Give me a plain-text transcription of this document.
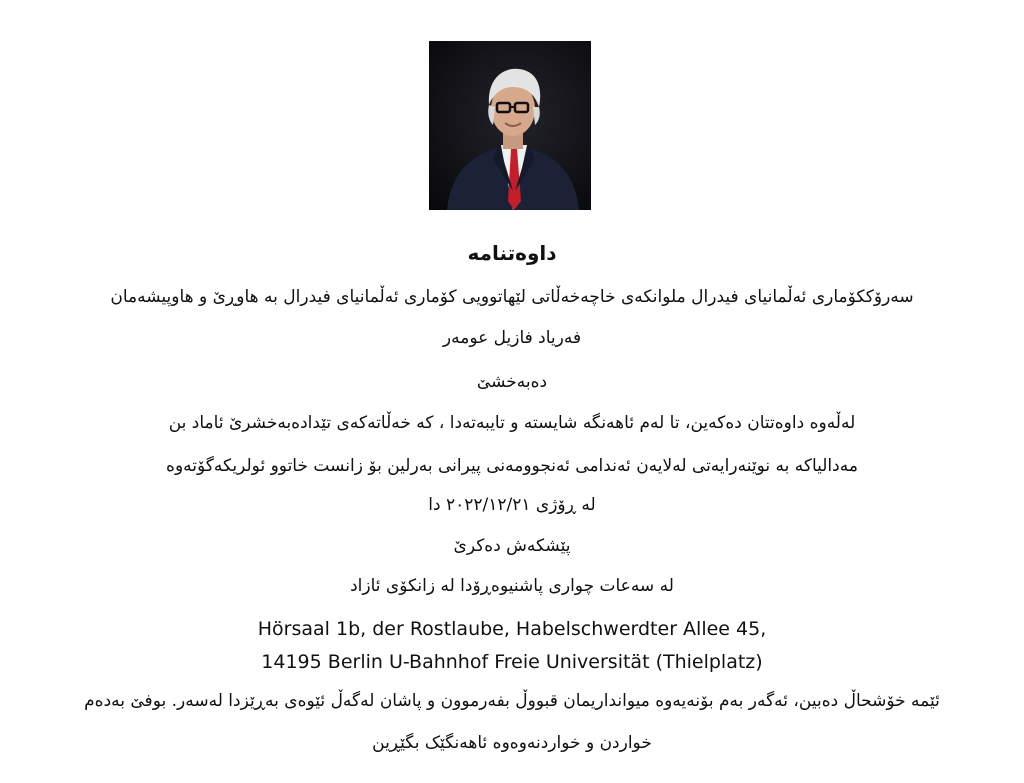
داوەتنامە
سەرۆککۆماری ئەڵمانیای فیدرال ملوانکەی خاچەخەڵاتی لێهاتوویی کۆماری ئەڵمانیای فیدرال بە هاوڕێ و هاوپیشەمان
فەریاد فازیل عومەر
دەبەخشێ
لەڵەوە داوەتتان دەکەین، تا لەم ئاهەنگە شایستە و تایبەتەدا ، کە خەڵاتەکەی تێدادەبەخشرێ ئاماد بن
مەدالیاکە بە نوێنەرایەتی لەلایەن ئەندامی ئەنجوومەنی پیرانی بەرلین بۆ زانست خاتوو ئولریکەگۆتەوە
لە ڕۆژی ٢٠٢٢/١٢/٢١ دا
پێشکەش دەکرێ
لە سەعات چواری پاشنیوەڕۆدا لە زانکۆی ئازاد
Hörsaal 1b, der Rostlaube, Habelschwerdter Allee 45,
14195 Berlin U-Bahnhof Freie Universität (Thielplatz)
ئێمە خۆشحاڵ دەبین، ئەگەر بەم بۆنەیەوە میوانداریمان قبووڵ بفەرموون و پاشان لەگەڵ ئێوەی بەڕێزدا لەسەر. بوفێ بەدەم
خواردن و خواردنەوەوە ئاهەنگێک بگێڕین
